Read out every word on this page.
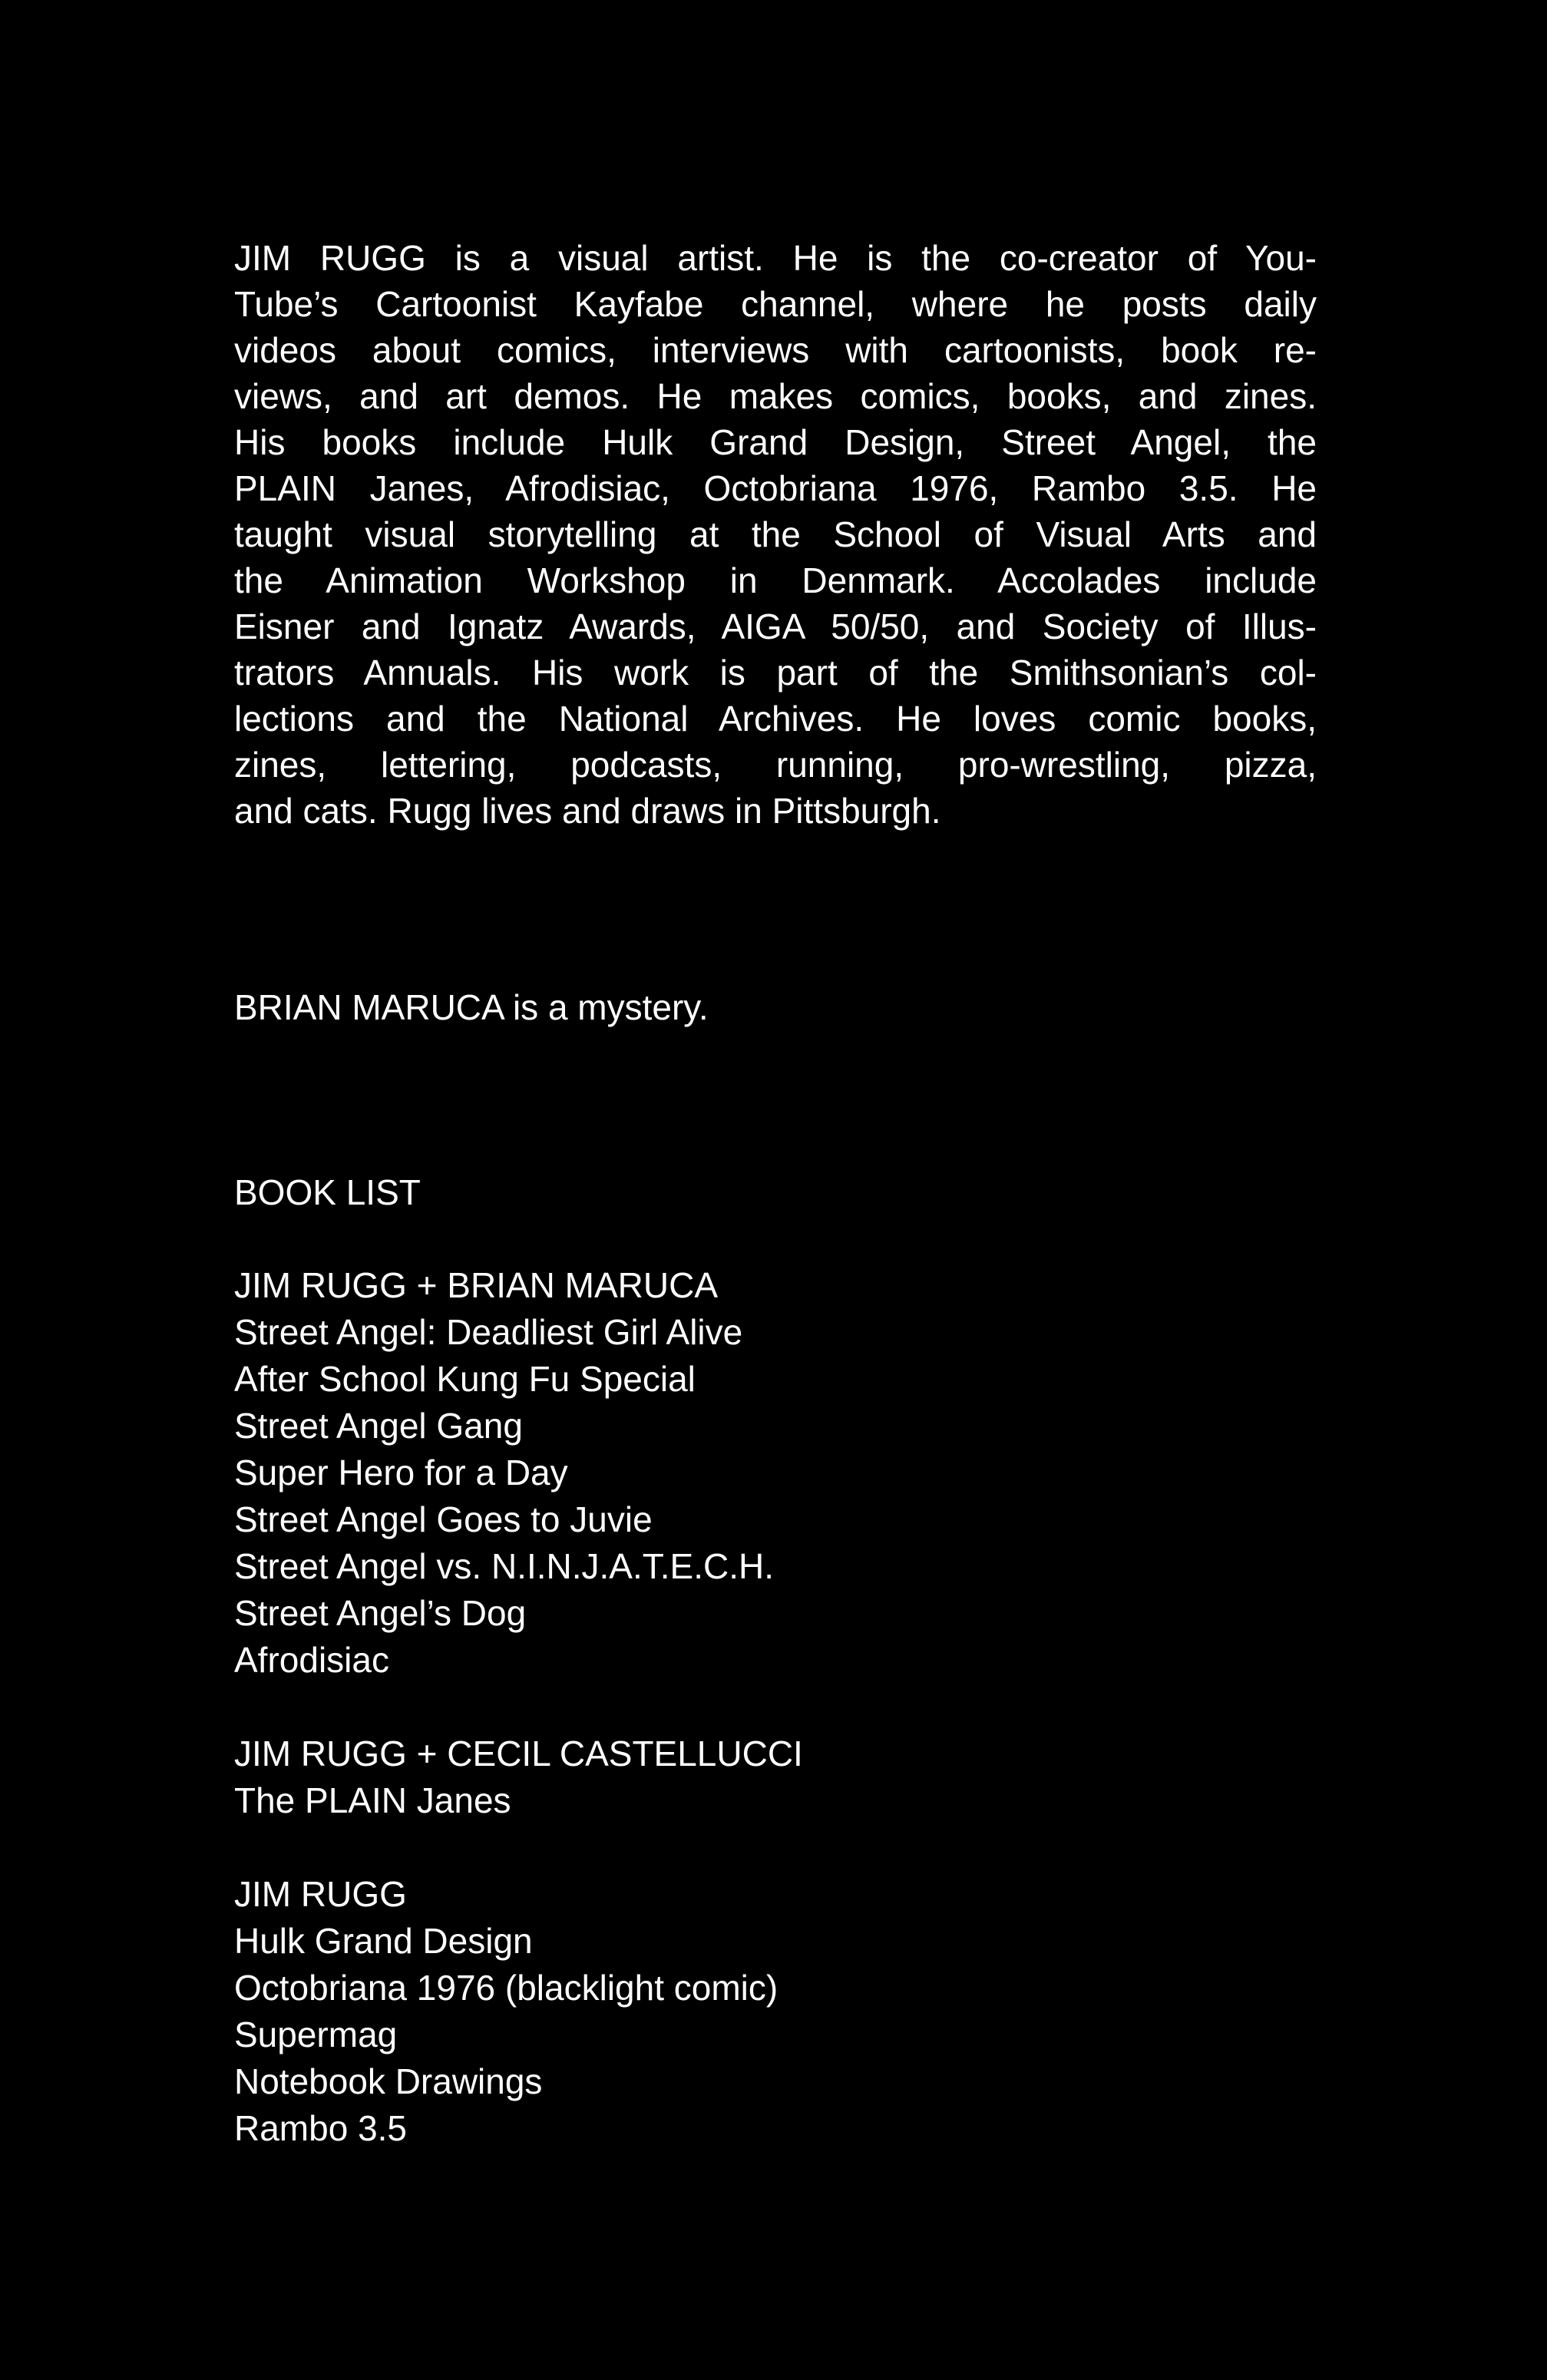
JIM RUGG is a visual artist. He is the co-creator of You-
Tube’s Cartoonist Kayfabe channel, where he posts daily
videos about comics, interviews with cartoonists, book re-
views, and art demos. He makes comics, books, and zines.
His books include Hulk Grand Design, Street Angel, the
PLAIN Janes, Afrodisiac, Octobriana 1976, Rambo 3.5. He
taught visual storytelling at the School of Visual Arts and
the Animation Workshop in Denmark. Accolades include
Eisner and Ignatz Awards, AIGA 50/50, and Society of Illus-
trators Annuals. His work is part of the Smithsonian’s col-
lections and the National Archives. He loves comic books,
zines, lettering, podcasts, running, pro-wrestling, pizza,
and cats. Rugg lives and draws in Pittsburgh.
BRIAN MARUCA is a mystery.
BOOK LIST
JIM RUGG + BRIAN MARUCA
Street Angel: Deadliest Girl Alive
After School Kung Fu Special
Street Angel Gang
Super Hero for a Day
Street Angel Goes to Juvie
Street Angel vs. N.I.N.J.A.T.E.C.H.
Street Angel’s Dog
Afrodisiac
JIM RUGG + CECIL CASTELLUCCI
The PLAIN Janes
JIM RUGG
Hulk Grand Design
Octobriana 1976 (blacklight comic)
Supermag
Notebook Drawings
Rambo 3.5
